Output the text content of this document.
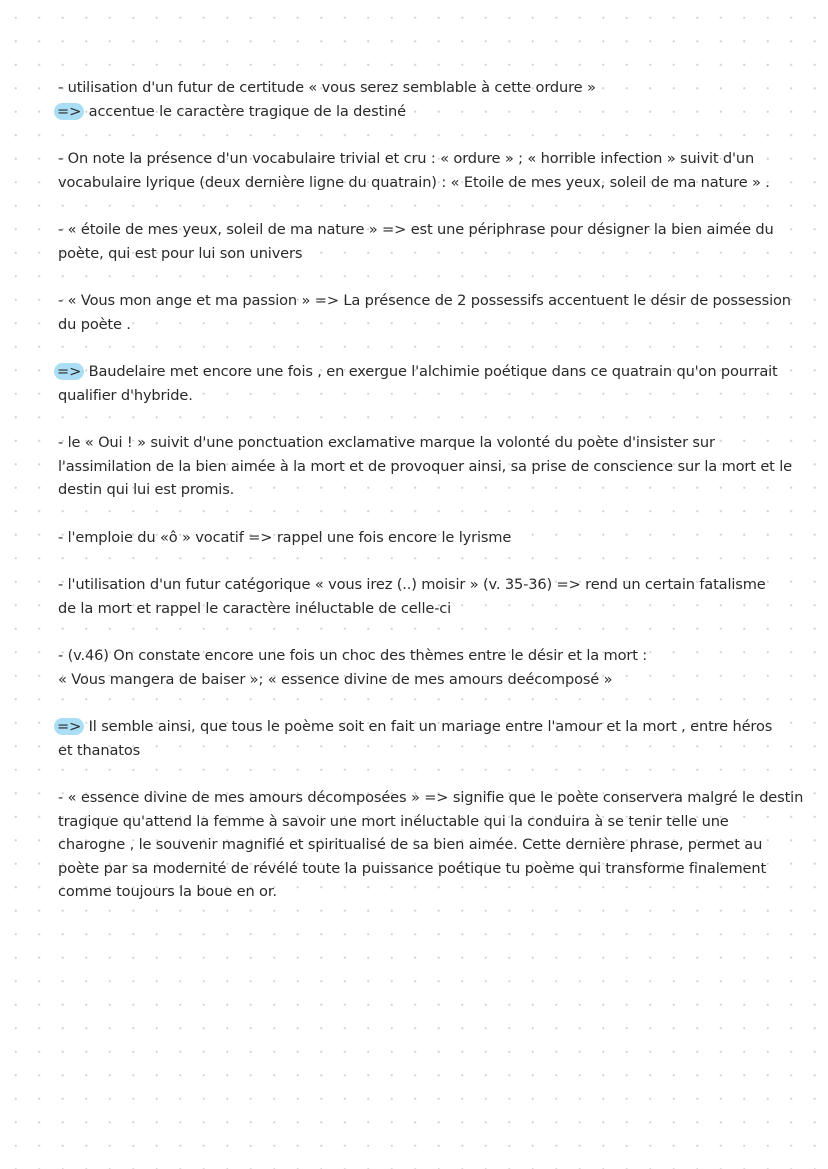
- utilisation d'un futur de certitude « vous serez semblable à cette ordure »
=> accentue le caractère tragique de la destiné

- On note la présence d'un vocabulaire trivial et cru : « ordure » ; « horrible infection » suivit d'un
vocabulaire lyrique (deux dernière ligne du quatrain) : « Etoile de mes yeux, soleil de ma nature » .

- « étoile de mes yeux, soleil de ma nature » => est une périphrase pour désigner la bien aimée du
poète, qui est pour lui son univers

- « Vous mon ange et ma passion » => La présence de 2 possessifs accentuent le désir de possession
du poète .

=> Baudelaire met encore une fois , en exergue l'alchimie poétique dans ce quatrain qu'on pourrait
qualifier d'hybride.

- le « Oui ! » suivit d'une ponctuation exclamative marque la volonté du poète d'insister sur
l'assimilation de la bien aimée à la mort et de provoquer ainsi, sa prise de conscience sur la mort et le
destin qui lui est promis.

- l'emploie du «ô » vocatif => rappel une fois encore le lyrisme

- l'utilisation d'un futur catégorique « vous irez (..) moisir » (v. 35-36) => rend un certain fatalisme
de la mort et rappel le caractère inéluctable de celle-ci

- (v.46) On constate encore une fois un choc des thèmes entre le désir et la mort :
« Vous mangera de baiser »; « essence divine de mes amours deécomposé »

=> Il semble ainsi, que tous le poème soit en fait un mariage entre l'amour et la mort , entre héros
et thanatos

- « essence divine de mes amours décomposées » => signifie que le poète conservera malgré le destin
tragique qu'attend la femme à savoir une mort inéluctable qui la conduira à se tenir telle une
charogne , le souvenir magnifié et spiritualisé de sa bien aimée. Cette dernière phrase, permet au
poète par sa modernité de révélé toute la puissance poétique tu poème qui transforme finalement
comme toujours la boue en or.
